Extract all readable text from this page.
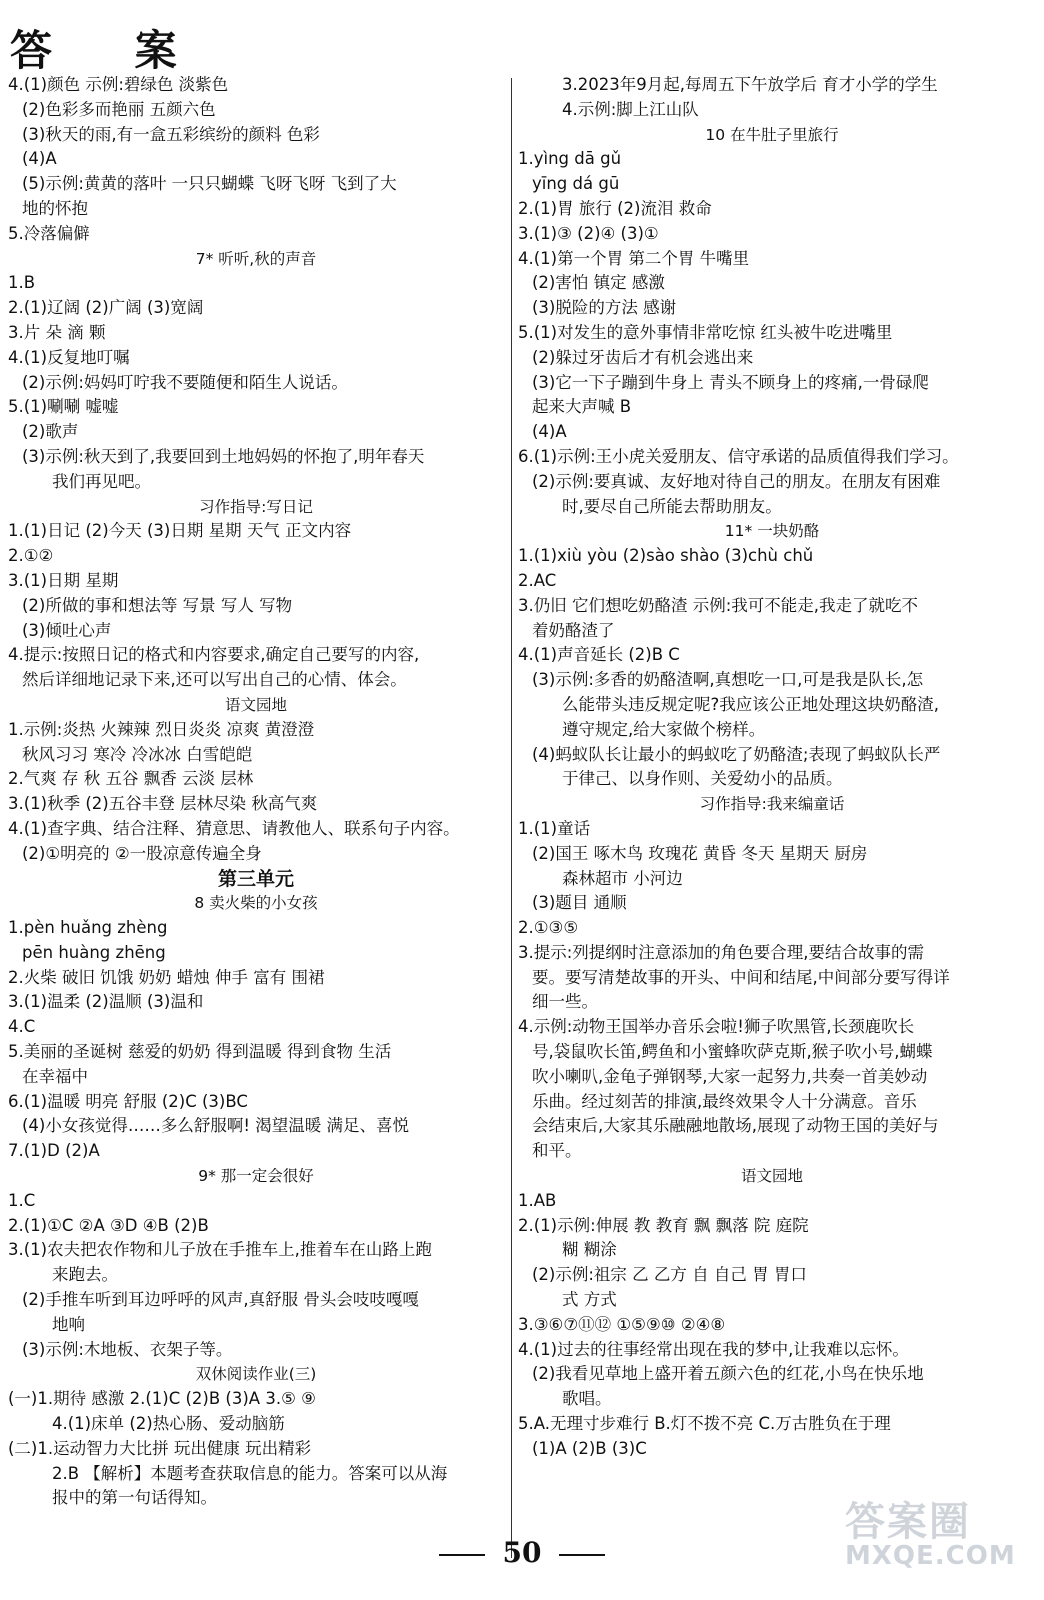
答 案
4.(1)颜色 示例:碧绿色 淡紫色
(2)色彩多而艳丽 五颜六色
(3)秋天的雨,有一盒五彩缤纷的颜料 色彩
(4)A
(5)示例:黄黄的落叶 一只只蝴蝶 飞呀飞呀 飞到了大
地的怀抱
5.冷落偏僻
7* 听听,秋的声音
1.B
2.(1)辽阔 (2)广阔 (3)宽阔
3.片 朵 滴 颗
4.(1)反复地叮嘱
(2)示例:妈妈叮咛我不要随便和陌生人说话。
5.(1)唰唰 嘘嘘
(2)歌声
(3)示例:秋天到了,我要回到土地妈妈的怀抱了,明年春天
我们再见吧。
习作指导:写日记
1.(1)日记 (2)今天 (3)日期 星期 天气 正文内容
2.①②
3.(1)日期 星期
(2)所做的事和想法等 写景 写人 写物
(3)倾吐心声
4.提示:按照日记的格式和内容要求,确定自己要写的内容,
然后详细地记录下来,还可以写出自己的心情、体会。
语文园地
1.示例:炎热 火辣辣 烈日炎炎 凉爽 黄澄澄
秋风习习 寒冷 冷冰冰 白雪皑皑
2.气爽 存 秋 五谷 飘香 云淡 层林
3.(1)秋季 (2)五谷丰登 层林尽染 秋高气爽
4.(1)查字典、结合注释、猜意思、请教他人、联系句子内容。
(2)①明亮的 ②一股凉意传遍全身
第三单元
8 卖火柴的小女孩
1.pèn huǎng zhèng
pēn huàng zhēng
2.火柴 破旧 饥饿 奶奶 蜡烛 伸手 富有 围裙
3.(1)温柔 (2)温顺 (3)温和
4.C
5.美丽的圣诞树 慈爱的奶奶 得到温暖 得到食物 生活
在幸福中
6.(1)温暖 明亮 舒服 (2)C (3)BC
(4)小女孩觉得……多么舒服啊! 渴望温暖 满足、喜悦
7.(1)D (2)A
9* 那一定会很好
1.C
2.(1)①C ②A ③D ④B (2)B
3.(1)农夫把农作物和儿子放在手推车上,推着车在山路上跑
来跑去。
(2)手推车听到耳边呼呼的风声,真舒服 骨头会吱吱嘎嘎
地响
(3)示例:木地板、衣架子等。
双休阅读作业(三)
(一)1.期待 感激 2.(1)C (2)B (3)A 3.⑤ ⑨
4.(1)床单 (2)热心肠、爱动脑筋
(二)1.运动智力大比拼 玩出健康 玩出精彩
2.B 【解析】本题考查获取信息的能力。答案可以从海
报中的第一句话得知。
3.2023年9月起,每周五下午放学后 育才小学的学生
4.示例:脚上江山队
10 在牛肚子里旅行
1.yìng dā gǔ
yīng dá gū
2.(1)胃 旅行 (2)流泪 救命
3.(1)③ (2)④ (3)①
4.(1)第一个胃 第二个胃 牛嘴里
(2)害怕 镇定 感激
(3)脱险的方法 感谢
5.(1)对发生的意外事情非常吃惊 红头被牛吃进嘴里
(2)躲过牙齿后才有机会逃出来
(3)它一下子蹦到牛身上 青头不顾身上的疼痛,一骨碌爬
起来大声喊 B
(4)A
6.(1)示例:王小虎关爱朋友、信守承诺的品质值得我们学习。
(2)示例:要真诚、友好地对待自己的朋友。在朋友有困难
时,要尽自己所能去帮助朋友。
11* 一块奶酪
1.(1)xiù yòu (2)sào shào (3)chù chǔ
2.AC
3.仍旧 它们想吃奶酪渣 示例:我可不能走,我走了就吃不
着奶酪渣了
4.(1)声音延长 (2)B C
(3)示例:多香的奶酪渣啊,真想吃一口,可是我是队长,怎
么能带头违反规定呢?我应该公正地处理这块奶酪渣,
遵守规定,给大家做个榜样。
(4)蚂蚁队长让最小的蚂蚁吃了奶酪渣;表现了蚂蚁队长严
于律己、以身作则、关爱幼小的品质。
习作指导:我来编童话
1.(1)童话
(2)国王 啄木鸟 玫瑰花 黄昏 冬天 星期天 厨房
森林超市 小河边
(3)题目 通顺
2.①③⑤
3.提示:列提纲时注意添加的角色要合理,要结合故事的需
要。要写清楚故事的开头、中间和结尾,中间部分要写得详
细一些。
4.示例:动物王国举办音乐会啦!狮子吹黑管,长颈鹿吹长
号,袋鼠吹长笛,鳄鱼和小蜜蜂吹萨克斯,猴子吹小号,蝴蝶
吹小喇叭,金龟子弹钢琴,大家一起努力,共奏一首美妙动
乐曲。经过刻苦的排演,最终效果令人十分满意。音乐
会结束后,大家其乐融融地散场,展现了动物王国的美好与
和平。
语文园地
1.AB
2.(1)示例:伸展 教 教育 飘 飘落 院 庭院
糊 糊涂
(2)示例:祖宗 乙 乙方 自 自己 胃 胃口
式 方式
3.③⑥⑦⑪⑫ ①⑤⑨⑩ ②④⑧
4.(1)过去的往事经常出现在我的梦中,让我难以忘怀。
(2)我看见草地上盛开着五颜六色的红花,小鸟在快乐地
歌唱。
5.A.无理寸步难行 B.灯不拨不亮 C.万古胜负在于理
(1)A (2)B (3)C
50
答案圈
MXQE.COM
